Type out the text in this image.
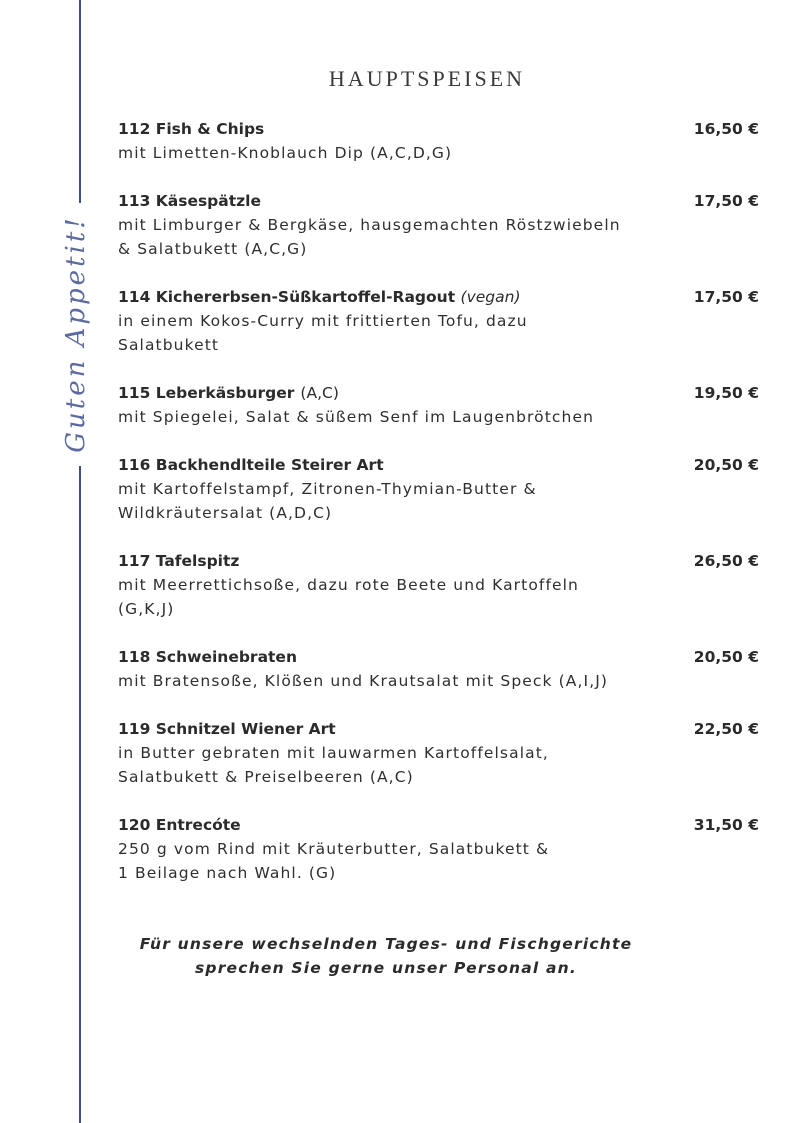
Guten Appetit!
HAUPTSPEISEN
112 Fish & Chips
mit Limetten-Knoblauch Dip (A,C,D,G)
16,50 €
113 Käsespätzle
mit Limburger & Bergkäse, hausgemachten Röstzwiebeln
& Salatbukett (A,C,G)
17,50 €
114 Kichererbsen-Süßkartoffel-Ragout (vegan)
in einem Kokos-Curry mit frittierten Tofu, dazu
Salatbukett
17,50 €
115 Leberkäsburger (A,C)
mit Spiegelei, Salat & süßem Senf im Laugenbrötchen
19,50 €
116 Backhendlteile Steirer Art
mit Kartoffelstampf, Zitronen-Thymian-Butter &
Wildkräutersalat (A,D,C)
20,50 €
117 Tafelspitz
mit Meerrettichsoße, dazu rote Beete und Kartoffeln
(G,K,J)
26,50 €
118 Schweinebraten
mit Bratensoße, Klößen und Krautsalat mit Speck (A,I,J)
20,50 €
119 Schnitzel Wiener Art
in Butter gebraten mit lauwarmen Kartoffelsalat,
Salatbukett & Preiselbeeren (A,C)
22,50 €
120 Entrecóte
250 g vom Rind mit Kräuterbutter, Salatbukett &
1 Beilage nach Wahl. (G)
31,50 €
Für unsere wechselnden Tages- und Fischgerichte
sprechen Sie gerne unser Personal an.
